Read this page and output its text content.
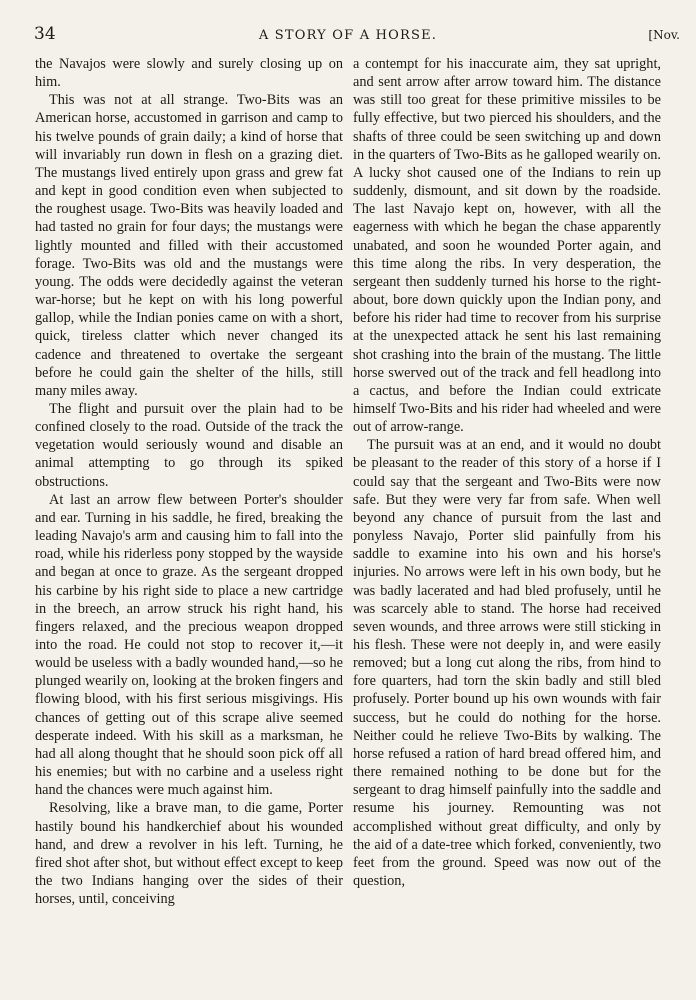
34	A STORY OF A HORSE.	[Nov.

the Navajos were slowly and surely closing up on him.

This was not at all strange. Two-Bits was an American horse, accustomed in garrison and camp to his twelve pounds of grain daily; a kind of horse that will invariably run down in flesh on a grazing diet. The mustangs lived entirely upon grass and grew fat and kept in good condition even when subjected to the roughest usage. Two-Bits was heavily loaded and had tasted no grain for four days; the mustangs were lightly mounted and filled with their accustomed forage. Two-Bits was old and the mustangs were young. The odds were decidedly against the veteran war-horse; but he kept on with his long powerful gallop, while the Indian ponies came on with a short, quick, tireless clatter which never changed its cadence and threatened to overtake the sergeant before he could gain the shelter of the hills, still many miles away.

The flight and pursuit over the plain had to be confined closely to the road. Outside of the track the vegetation would seriously wound and disable an animal attempting to go through its spiked obstructions.

At last an arrow flew between Porter's shoulder and ear. Turning in his saddle, he fired, breaking the leading Navajo's arm and causing him to fall into the road, while his riderless pony stopped by the wayside and began at once to graze. As the sergeant dropped his carbine by his right side to place a new cartridge in the breech, an arrow struck his right hand, his fingers relaxed, and the precious weapon dropped into the road. He could not stop to recover it,—it would be useless with a badly wounded hand,—so he plunged wearily on, looking at the broken fingers and flowing blood, with his first serious misgivings. His chances of getting out of this scrape alive seemed desperate indeed. With his skill as a marksman, he had all along thought that he should soon pick off all his enemies; but with no carbine and a useless right hand the chances were much against him.

Resolving, like a brave man, to die game, Porter hastily bound his handkerchief about his wounded hand, and drew a revolver in his left. Turning, he fired shot after shot, but without effect except to keep the two Indians hanging over the sides of their horses, until, conceiving

a contempt for his inaccurate aim, they sat upright, and sent arrow after arrow toward him. The distance was still too great for these primitive missiles to be fully effective, but two pierced his shoulders, and the shafts of three could be seen switching up and down in the quarters of Two-Bits as he galloped wearily on. A lucky shot caused one of the Indians to rein up suddenly, dismount, and sit down by the roadside. The last Navajo kept on, however, with all the eagerness with which he began the chase apparently unabated, and soon he wounded Porter again, and this time along the ribs. In very desperation, the sergeant then suddenly turned his horse to the right-about, bore down quickly upon the Indian pony, and before his rider had time to recover from his surprise at the unexpected attack he sent his last remaining shot crashing into the brain of the mustang. The little horse swerved out of the track and fell headlong into a cactus, and before the Indian could extricate himself Two-Bits and his rider had wheeled and were out of arrow-range.

The pursuit was at an end, and it would no doubt be pleasant to the reader of this story of a horse if I could say that the sergeant and Two-Bits were now safe. But they were very far from safe. When well beyond any chance of pursuit from the last and ponyless Navajo, Porter slid painfully from his saddle to examine into his own and his horse's injuries. No arrows were left in his own body, but he was badly lacerated and had bled profusely, until he was scarcely able to stand. The horse had received seven wounds, and three arrows were still sticking in his flesh. These were not deeply in, and were easily removed; but a long cut along the ribs, from hind to fore quarters, had torn the skin badly and still bled profusely. Porter bound up his own wounds with fair success, but he could do nothing for the horse. Neither could he relieve Two-Bits by walking. The horse refused a ration of hard bread offered him, and there remained nothing to be done but for the sergeant to drag himself painfully into the saddle and resume his journey. Remounting was not accomplished without great difficulty, and only by the aid of a date-tree which forked, conveniently, two feet from the ground. Speed was now out of the question,
